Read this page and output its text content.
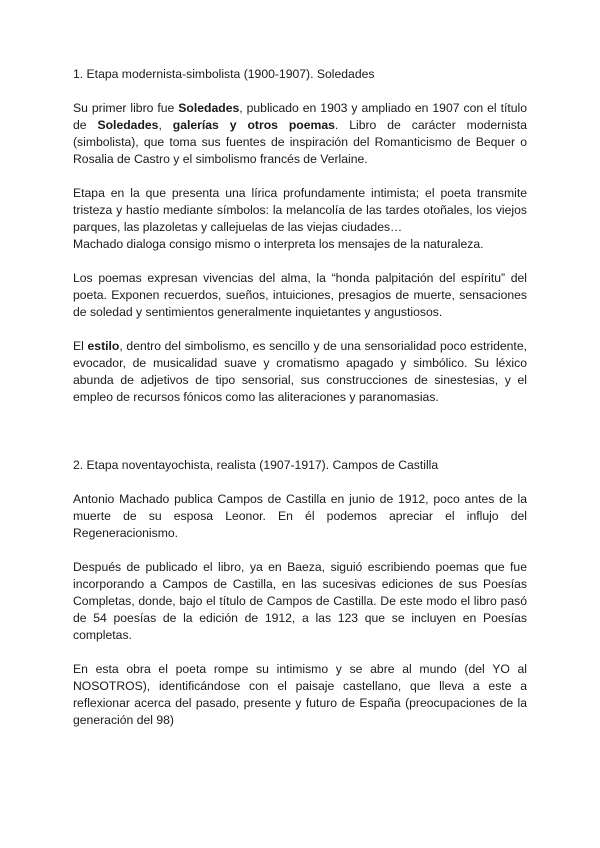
1. Etapa modernista-simbolista (1900-1907). Soledades
Su primer libro fue Soledades, publicado en 1903 y ampliado en 1907 con el título de Soledades, galerías y otros poemas. Libro de carácter modernista (simbolista), que toma sus fuentes de inspiración del Romanticismo de Bequer o Rosalia de Castro y el simbolismo francés de Verlaine.
Etapa en la que presenta una lírica profundamente intimista; el poeta transmite tristeza y hastío mediante símbolos: la melancolía de las tardes otoñales, los viejos parques, las plazoletas y callejuelas de las viejas ciudades…
Machado dialoga consigo mismo o interpreta los mensajes de la naturaleza.
Los poemas expresan vivencias del alma, la “honda palpitación del espíritu” del poeta. Exponen recuerdos, sueños, intuiciones, presagios de muerte, sensaciones de soledad y sentimientos generalmente inquietantes y angustiosos.
El estilo, dentro del simbolismo, es sencillo y de una sensorialidad poco estridente, evocador, de musicalidad suave y cromatismo apagado y simbólico. Su léxico abunda de adjetivos de tipo sensorial, sus construcciones de sinestesias, y el empleo de recursos fónicos como las aliteraciones y paranomasias.
2. Etapa noventayochista, realista (1907-1917). Campos de Castilla
Antonio Machado publica Campos de Castilla en junio de 1912, poco antes de la muerte de su esposa Leonor. En él podemos apreciar el influjo del Regeneracionismo.
Después de publicado el libro, ya en Baeza, siguió escribiendo poemas que fue incorporando a Campos de Castilla, en las sucesivas ediciones de sus Poesías Completas, donde, bajo el título de Campos de Castilla. De este modo el libro pasó de 54 poesías de la edición de 1912, a las 123 que se incluyen en Poesías completas.
En esta obra el poeta rompe su intimismo y se abre al mundo (del YO al NOSOTROS), identificándose con el paisaje castellano, que lleva a este a reflexionar acerca del pasado, presente y futuro de España (preocupaciones de la generación del 98)
